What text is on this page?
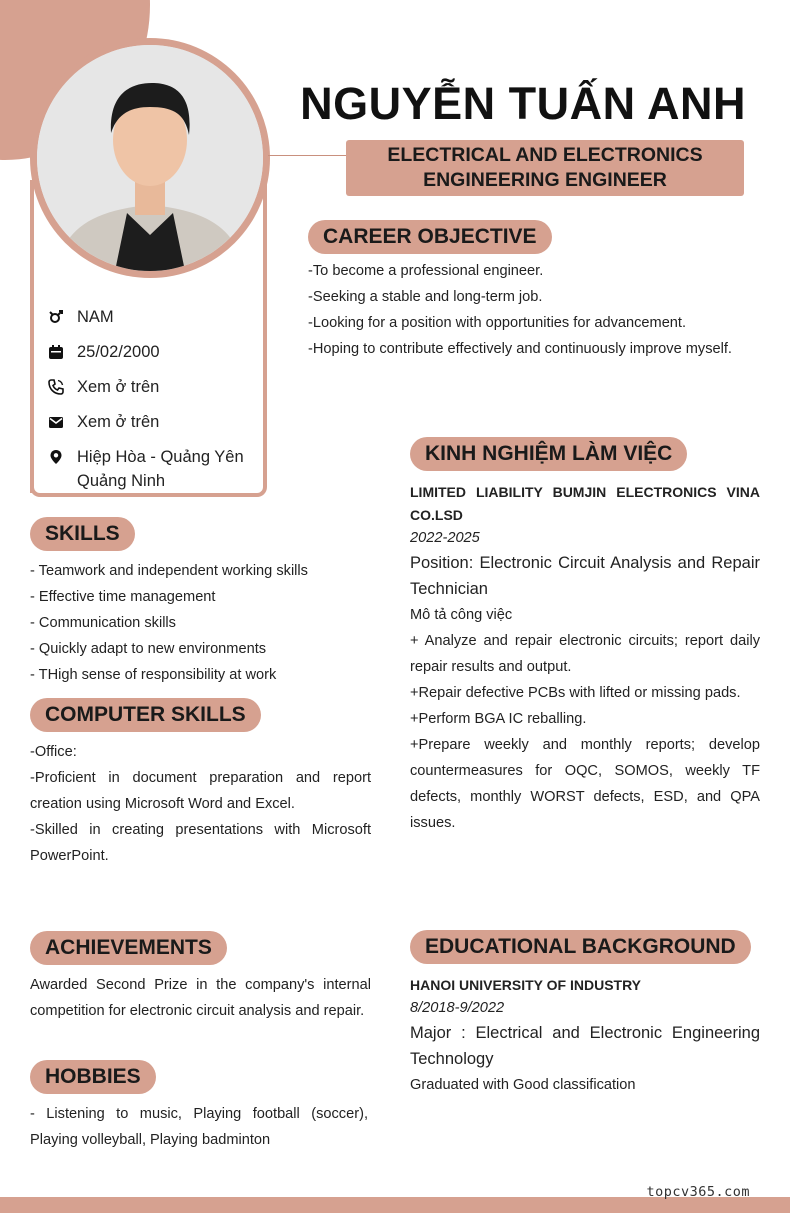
NGUYỄN TUẤN ANH
ELECTRICAL AND ELECTRONICS
ENGINEERING ENGINEER
NAM
25/02/2000
Xem ở trên
Xem ở trên
Hiệp Hòa - Quảng Yên
Quảng Ninh
CAREER OBJECTIVE

-To become a professional engineer.

-Seeking a stable and long-term job.

-Looking for a position with opportunities for advancement.

-Hoping to contribute effectively and continuously improve myself.

SKILLS

- Teamwork and independent working skills

- Effective time management

- Communication skills

- Quickly adapt to new environments

- THigh sense of responsibility at work

COMPUTER SKILLS

-Office:

-Proficient in document preparation and report creation using Microsoft Word and Excel.

-Skilled in creating presentations with Microsoft PowerPoint.

ACHIEVEMENTS

Awarded Second Prize in the company's internal competition for electronic circuit analysis and repair.

HOBBIES

- Listening to music, Playing football (soccer), Playing volleyball, Playing badminton

KINH NGHIỆM LÀM VIỆC
LIMITED LIABILITY BUMJIN ELECTRONICS VINA CO.LSD
2022-2025
Position: Electronic Circuit Analysis and Repair Technician

Mô tả công việc

+ Analyze and repair electronic circuits; report daily repair results and output.

+Repair defective PCBs with lifted or missing pads.

+Perform BGA IC reballing.

+Prepare weekly and monthly reports; develop countermeasures for OQC, SOMOS, weekly TF defects, monthly WORST defects, ESD, and QPA issues.

EDUCATIONAL BACKGROUND
HANOI UNIVERSITY OF INDUSTRY
8/2018-9/2022
Major : Electrical and Electronic Engineering Technology
Graduated with Good classification
topcv365.com
